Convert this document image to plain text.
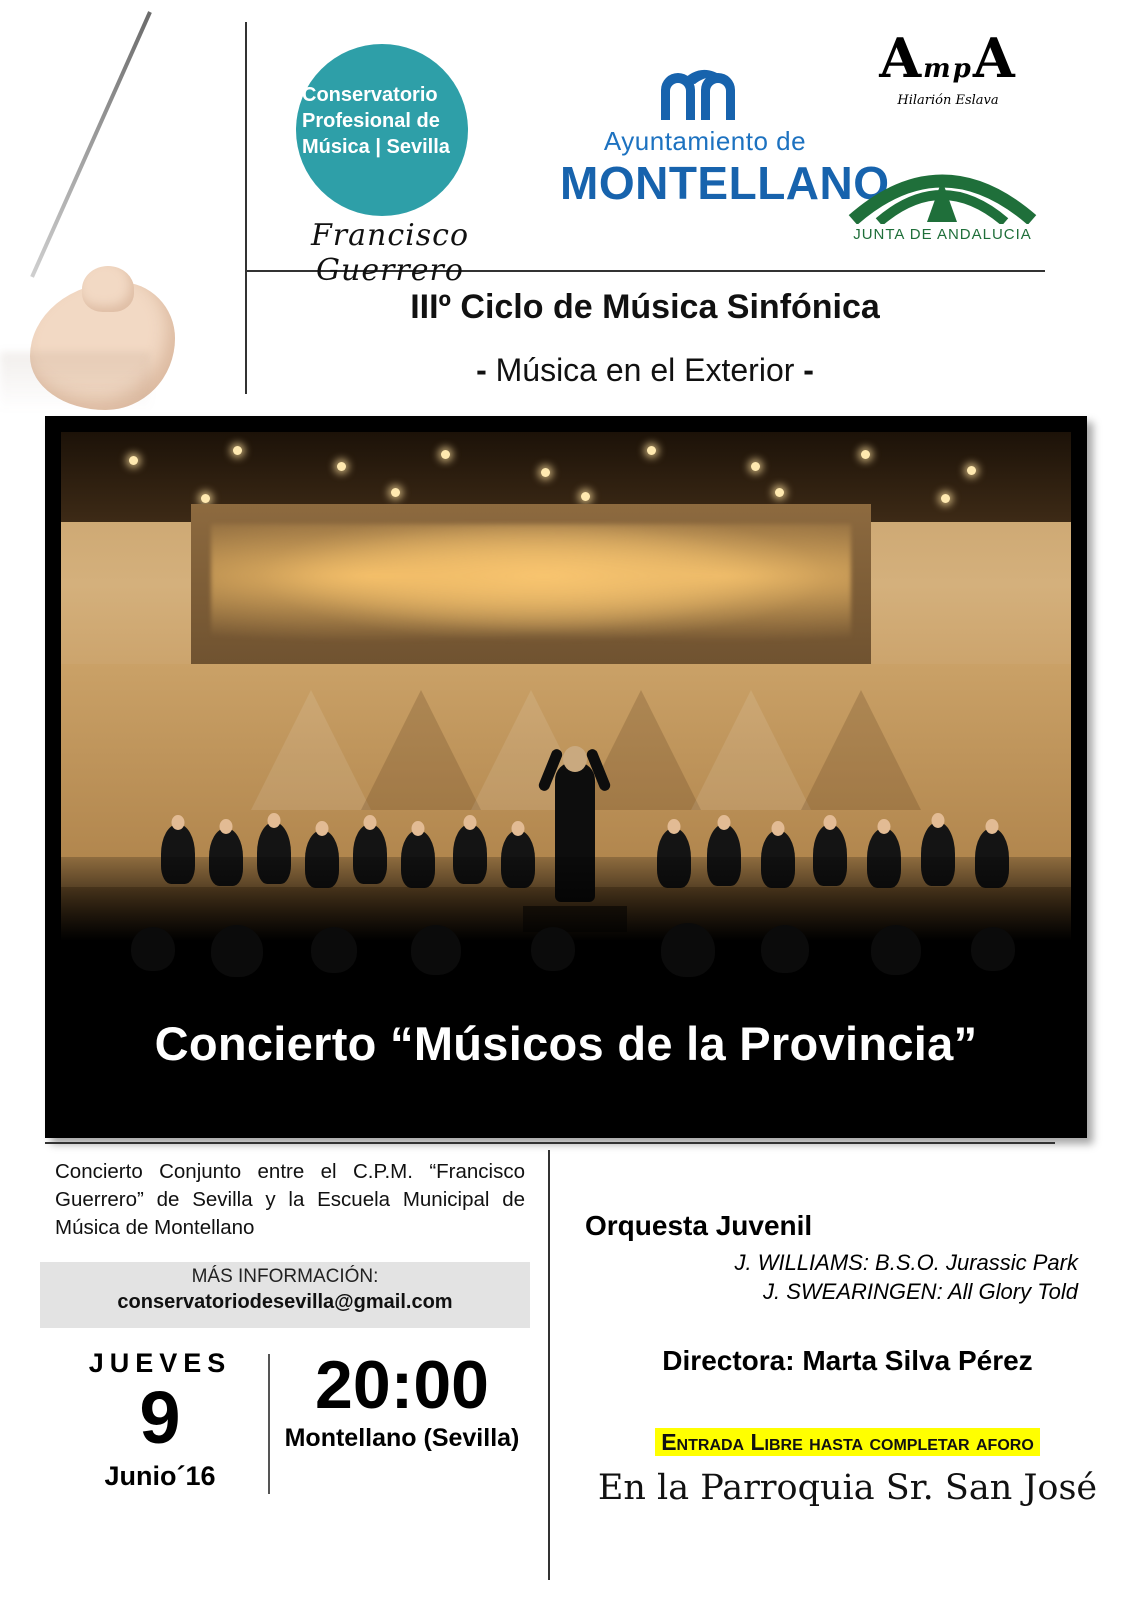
Conservatorio
Profesional de
Música | Sevilla
Francisco Guerrero
Ayuntamiento de
MONTELLANO
AmpA
Hilarión Eslava
JUNTA DE ANDALUCIA
IIIº Ciclo de Música Sinfónica
- Música en el Exterior -
Concierto “Músicos de la Provincia”
Concierto Conjunto entre el C.P.M. “Francisco Guerrero” de Sevilla y la Escuela Municipal de Música de Montellano
MÁS INFORMACIÓN:
conservatoriodesevilla@gmail.com
JUEVES
9
Junio´16
20:00
Montellano (Sevilla)
Orquesta Juvenil
J. WILLIAMS: B.S.O. Jurassic Park
J. SWEARINGEN: All Glory Told
Directora: Marta Silva Pérez
Entrada Libre hasta completar aforo
En la Parroquia Sr. San José
